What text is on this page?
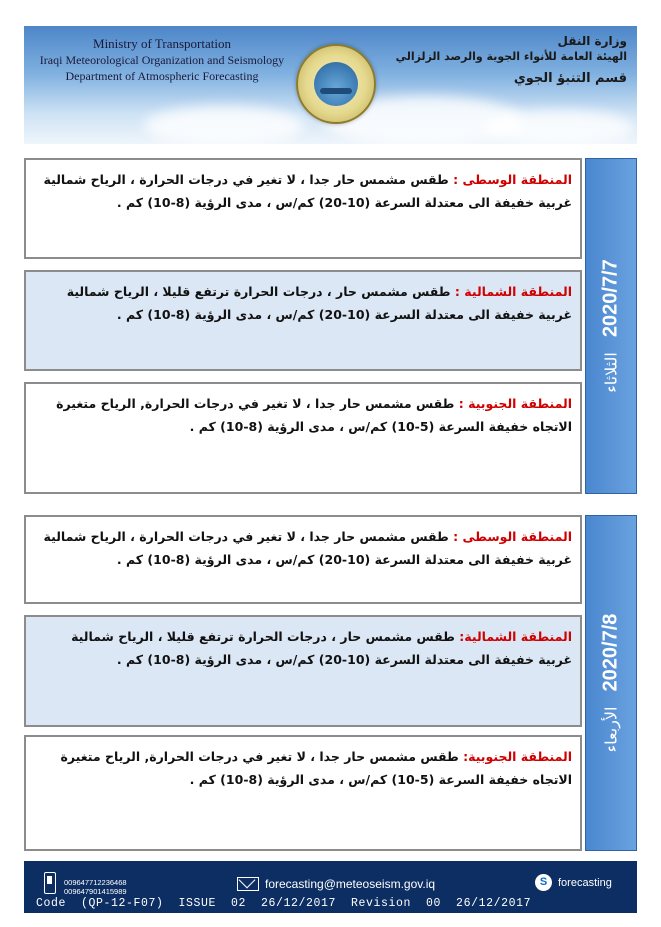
Ministry of Transportation
Iraqi Meteorological Organization and Seismology
Department of Atmospheric Forecasting
وزارة النقل
الهيئة العامة للأنواء الجوية والرصد الزلزالي
قسم التنبؤ الجوي
المنطقة الوسطى : طقس مشمس حار جدا ، لا تغير في درجات الحرارة ، الرياح شمالية غربية خفيفة الى معتدلة السرعة (10-20) كم/س ، مدى الرؤية (8-10) كم .
المنطقة الشمالية : طقس مشمس حار ، درجات الحرارة ترتفع قليلا ، الرياح شمالية غربية خفيفة الى معتدلة السرعة (10-20) كم/س ، مدى الرؤية (8-10) كم .
المنطقة الجنوبية : طقس مشمس حار جدا ، لا تغير في درجات الحرارة, الرياح متغيرة الاتجاه خفيفة السرعة (5-10) كم/س ، مدى الرؤية (8-10) كم .
2020/7/7 الثلاثاء
المنطقة الوسطى : طقس مشمس حار جدا ، لا تغير في درجات الحرارة ، الرياح شمالية غربية خفيفة الى معتدلة السرعة (10-20) كم/س ، مدى الرؤية (8-10) كم .
المنطقة الشمالية: طقس مشمس حار ، درجات الحرارة ترتفع قليلا ، الرياح شمالية غربية خفيفة الى معتدلة السرعة (10-20) كم/س ، مدى الرؤية (8-10) كم .
المنطقة الجنوبية: طقس مشمس حار جدا ، لا تغير في درجات الحرارة, الرياح متغيرة الاتجاه خفيفة السرعة (5-10) كم/س ، مدى الرؤية (8-10) كم .
2020/7/8 الأربعاء
009647712236468
009647901415989
forecasting@meteoseism.gov.iq	S forecasting
Code  (QP-12-F07)  ISSUE  02  26/12/2017  Revision  00  26/12/2017
